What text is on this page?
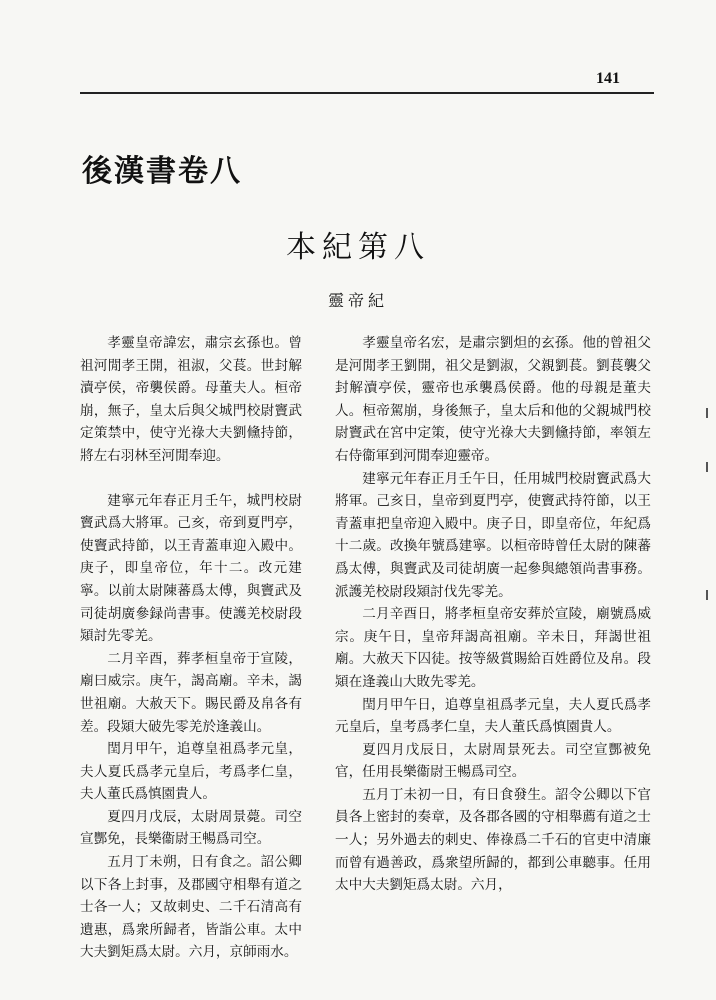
141
後漢書卷八
本紀第八
靈帝紀

孝靈皇帝諱宏，肅宗玄孫也。曾祖河閒孝王開，祖淑，父萇。世封解瀆亭侯，帝襲侯爵。母董夫人。桓帝崩，無子，皇太后與父城門校尉竇武定策禁中，使守光祿大夫劉儵持節，將左右羽林至河閒奉迎。

建寧元年春正月壬午，城門校尉竇武爲大將軍。己亥，帝到夏門亭，使竇武持節，以王青蓋車迎入殿中。庚子，即皇帝位，年十二。改元建寧。以前太尉陳蕃爲太傅，與竇武及司徒胡廣參録尚書事。使護羌校尉段熲討先零羌。

二月辛酉，葬孝桓皇帝于宣陵，廟曰威宗。庚午，謁高廟。辛未，謁世祖廟。大赦天下。賜民爵及帛各有差。段熲大破先零羌於逢義山。

閏月甲午，追尊皇祖爲孝元皇，夫人夏氏爲孝元皇后，考爲孝仁皇，夫人董氏爲慎園貴人。

夏四月戊辰，太尉周景薨。司空宣酆免，長樂衞尉王暢爲司空。

五月丁未朔，日有食之。詔公卿以下各上封事，及郡國守相舉有道之士各一人；又故刺史、二千石清高有遺惠，爲衆所歸者，皆詣公車。太中大夫劉矩爲太尉。六月，京師雨水。

孝靈皇帝名宏，是肅宗劉炟的玄孫。他的曾祖父是河閒孝王劉開，祖父是劉淑，父親劉萇。劉萇襲父封解瀆亭侯，靈帝也承襲爲侯爵。他的母親是董夫人。桓帝駕崩，身後無子，皇太后和他的父親城門校尉竇武在宮中定策，使守光祿大夫劉儵持節，率領左右侍衞軍到河閒奉迎靈帝。

建寧元年春正月壬午日，任用城門校尉竇武爲大將軍。己亥日，皇帝到夏門亭，使竇武持符節，以王青蓋車把皇帝迎入殿中。庚子日，即皇帝位，年紀爲十二歲。改換年號爲建寧。以桓帝時曾任太尉的陳蕃爲太傅，與竇武及司徒胡廣一起參與總領尚書事務。派護羌校尉段熲討伐先零羌。

二月辛酉日，將孝桓皇帝安葬於宣陵，廟號爲威宗。庚午日，皇帝拜謁高祖廟。辛未日，拜謁世祖廟。大赦天下囚徒。按等級賞賜給百姓爵位及帛。段熲在逢義山大敗先零羌。

閏月甲午日，追尊皇祖爲孝元皇，夫人夏氏爲孝元皇后，皇考爲孝仁皇，夫人董氏爲慎園貴人。

夏四月戊辰日，太尉周景死去。司空宣酆被免官，任用長樂衞尉王暢爲司空。

五月丁未初一日，有日食發生。詔令公卿以下官員各上密封的奏章，及各郡各國的守相舉薦有道之士一人；另外過去的刺史、俸祿爲二千石的官吏中清廉而曾有過善政，爲衆望所歸的，都到公車聽事。任用太中大夫劉矩爲太尉。六月，
